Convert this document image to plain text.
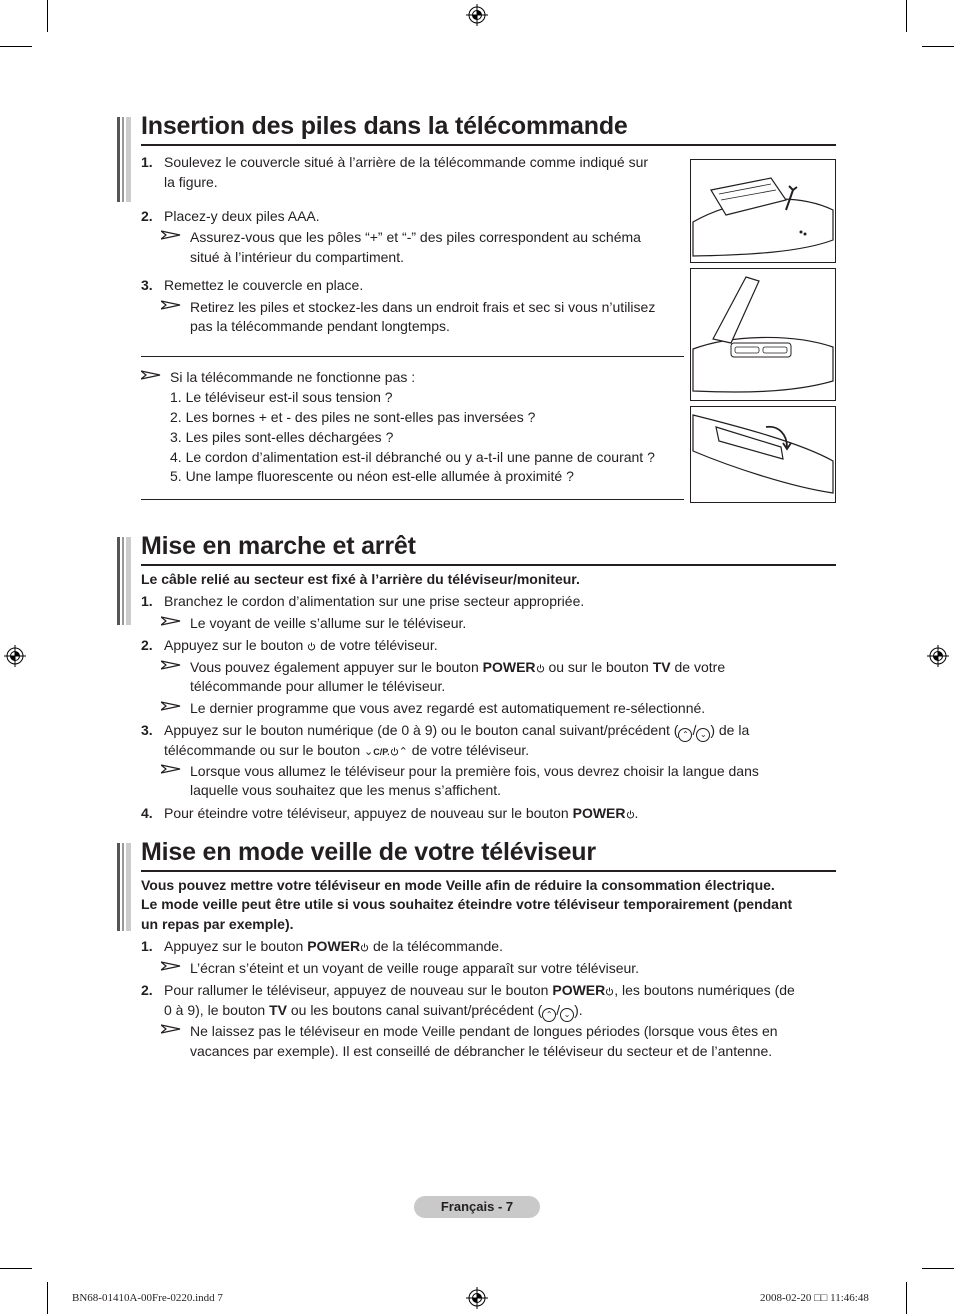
Insertion des piles dans la télécommande
1. Soulevez le couvercle situé à l’arrière de la télécommande comme indiqué sur
la figure.
2. Placez-y deux piles AAA.
Assurez-vous que les pôles “+” et “-” des piles correspondent au schéma
situé à l’intérieur du compartiment.
3. Remettez le couvercle en place.
Retirez les piles et stockez-les dans un endroit frais et sec si vous n’utilisez
pas la télécommande pendant longtemps.
Si la télécommande ne fonctionne pas :
1. Le téléviseur est-il sous tension ?
2. Les bornes + et - des piles ne sont-elles pas inversées ?
3. Les piles sont-elles déchargées ?
4. Le cordon d’alimentation est-il débranché ou y a-t-il une panne de courant ?
5. Une lampe fluorescente ou néon est-elle allumée à proximité ?
Mise en marche et arrêt
Le câble relié au secteur est fixé à l’arrière du téléviseur/moniteur.
1. Branchez le cordon d’alimentation sur une prise secteur appropriée.
Le voyant de veille s’allume sur le téléviseur.
2. Appuyez sur le bouton de votre téléviseur.
Vous pouvez également appuyer sur le bouton POWER ou sur le bouton TV de votre
télécommande pour allumer le téléviseur.
Le dernier programme que vous avez regardé est automatiquement re-sélectionné.
3. Appuyez sur le bouton numérique (de 0 à 9) ou le bouton canal suivant/précédent ( ⌃ / ⌄ ) de la
télécommande ou sur le bouton ⌄C/P. ⌃ de votre téléviseur.
Lorsque vous allumez le téléviseur pour la première fois, vous devrez choisir la langue dans
laquelle vous souhaitez que les menus s’affichent.
4. Pour éteindre votre téléviseur, appuyez de nouveau sur le bouton POWER .
Mise en mode veille de votre téléviseur
Vous pouvez mettre votre téléviseur en mode Veille afin de réduire la consommation électrique.
Le mode veille peut être utile si vous souhaitez éteindre votre téléviseur temporairement (pendant
un repas par exemple).
1. Appuyez sur le bouton POWER de la télécommande.
L’écran s’éteint et un voyant de veille rouge apparaît sur votre téléviseur.
2. Pour rallumer le téléviseur, appuyez de nouveau sur le bouton POWER , les boutons numériques (de
0 à 9), le bouton TV ou les boutons canal suivant/précédent ( ⌃ / ⌄ ).
Ne laissez pas le téléviseur en mode Veille pendant de longues périodes (lorsque vous êtes en
vacances par exemple). Il est conseillé de débrancher le téléviseur du secteur et de l’antenne.
Français - 7
BN68-01410A-00Fre-0220.indd 7	2008-02-20 □□ 11:46:48
